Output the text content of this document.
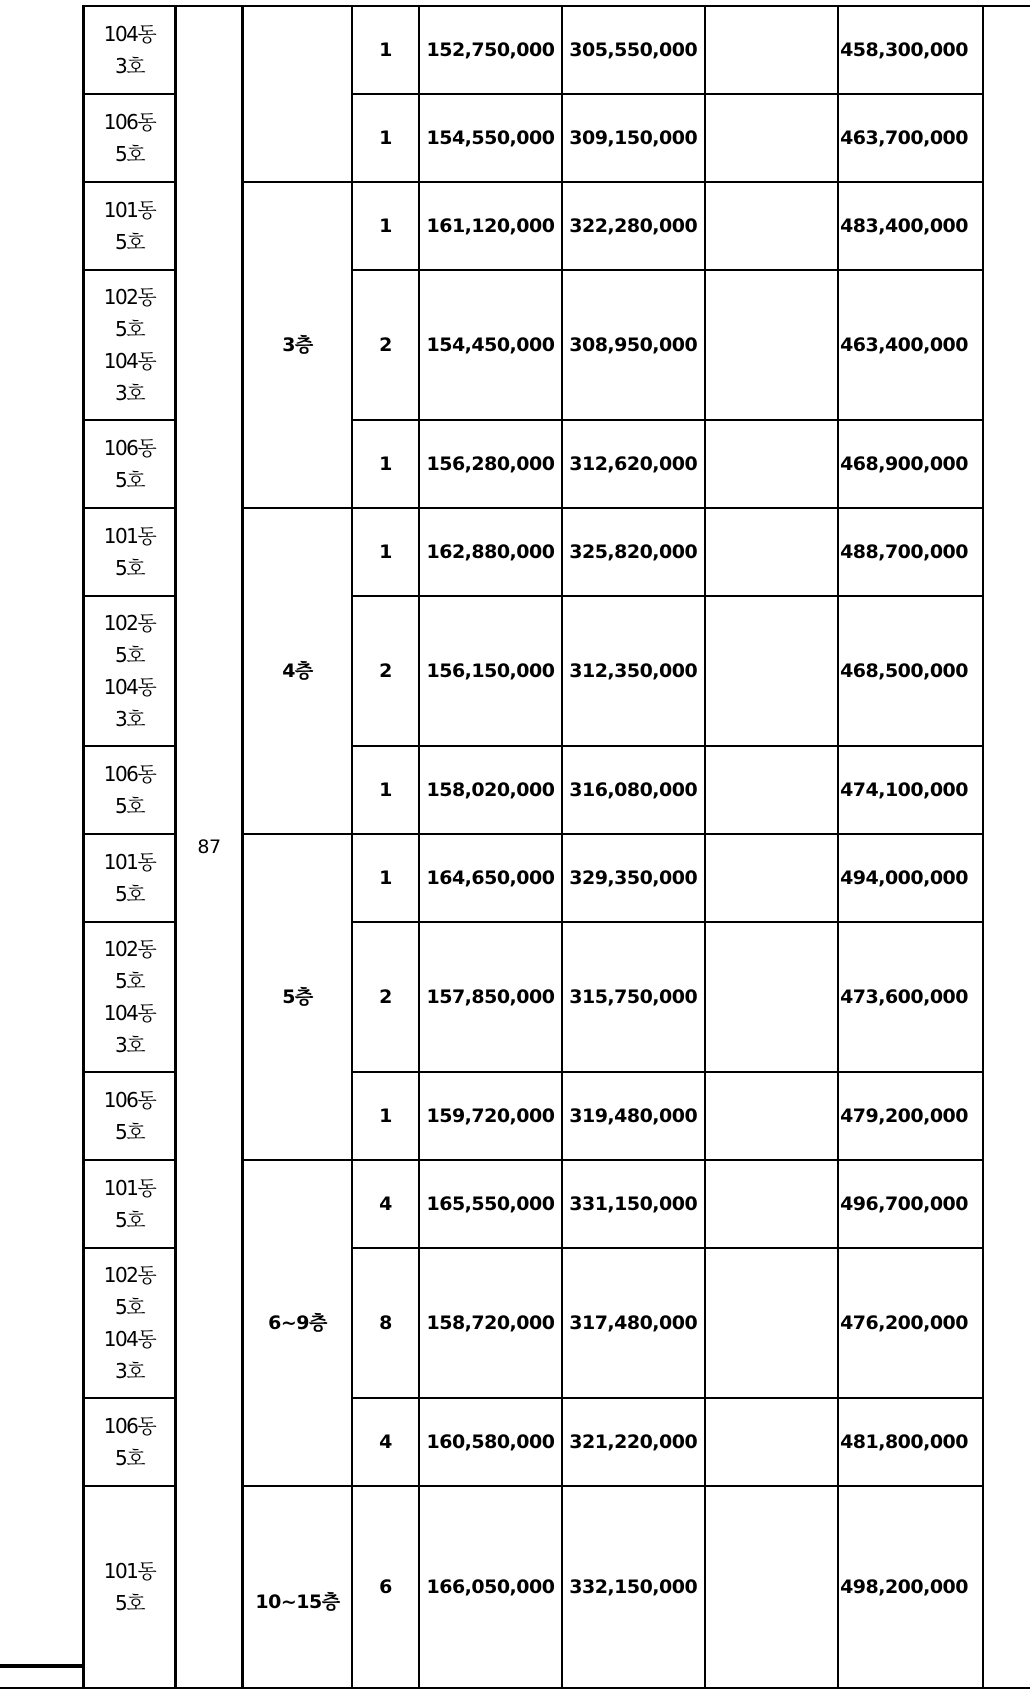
	104동
3호	87		1	152,750,000	305,550,000		458,300,000	

	106동
5호			1	154,550,000	309,150,000		463,700,000	

	101동
5호		3층	1	161,120,000	322,280,000		483,400,000	

	102동
5호
104동
3호			2	154,450,000	308,950,000		463,400,000	

	106동
5호			1	156,280,000	312,620,000		468,900,000	

	101동
5호		4층	1	162,880,000	325,820,000		488,700,000	

	102동
5호
104동
3호			2	156,150,000	312,350,000		468,500,000	

	106동
5호			1	158,020,000	316,080,000		474,100,000	

	101동
5호		5층	1	164,650,000	329,350,000		494,000,000	

	102동
5호
104동
3호			2	157,850,000	315,750,000		473,600,000	

	106동
5호			1	159,720,000	319,480,000		479,200,000	

	101동
5호		6~9층	4	165,550,000	331,150,000		496,700,000	

	102동
5호
104동
3호			8	158,720,000	317,480,000		476,200,000	

	106동
5호			4	160,580,000	321,220,000		481,800,000	

	101동
5호		10~15층	6	166,050,000	332,150,000		498,200,000	
